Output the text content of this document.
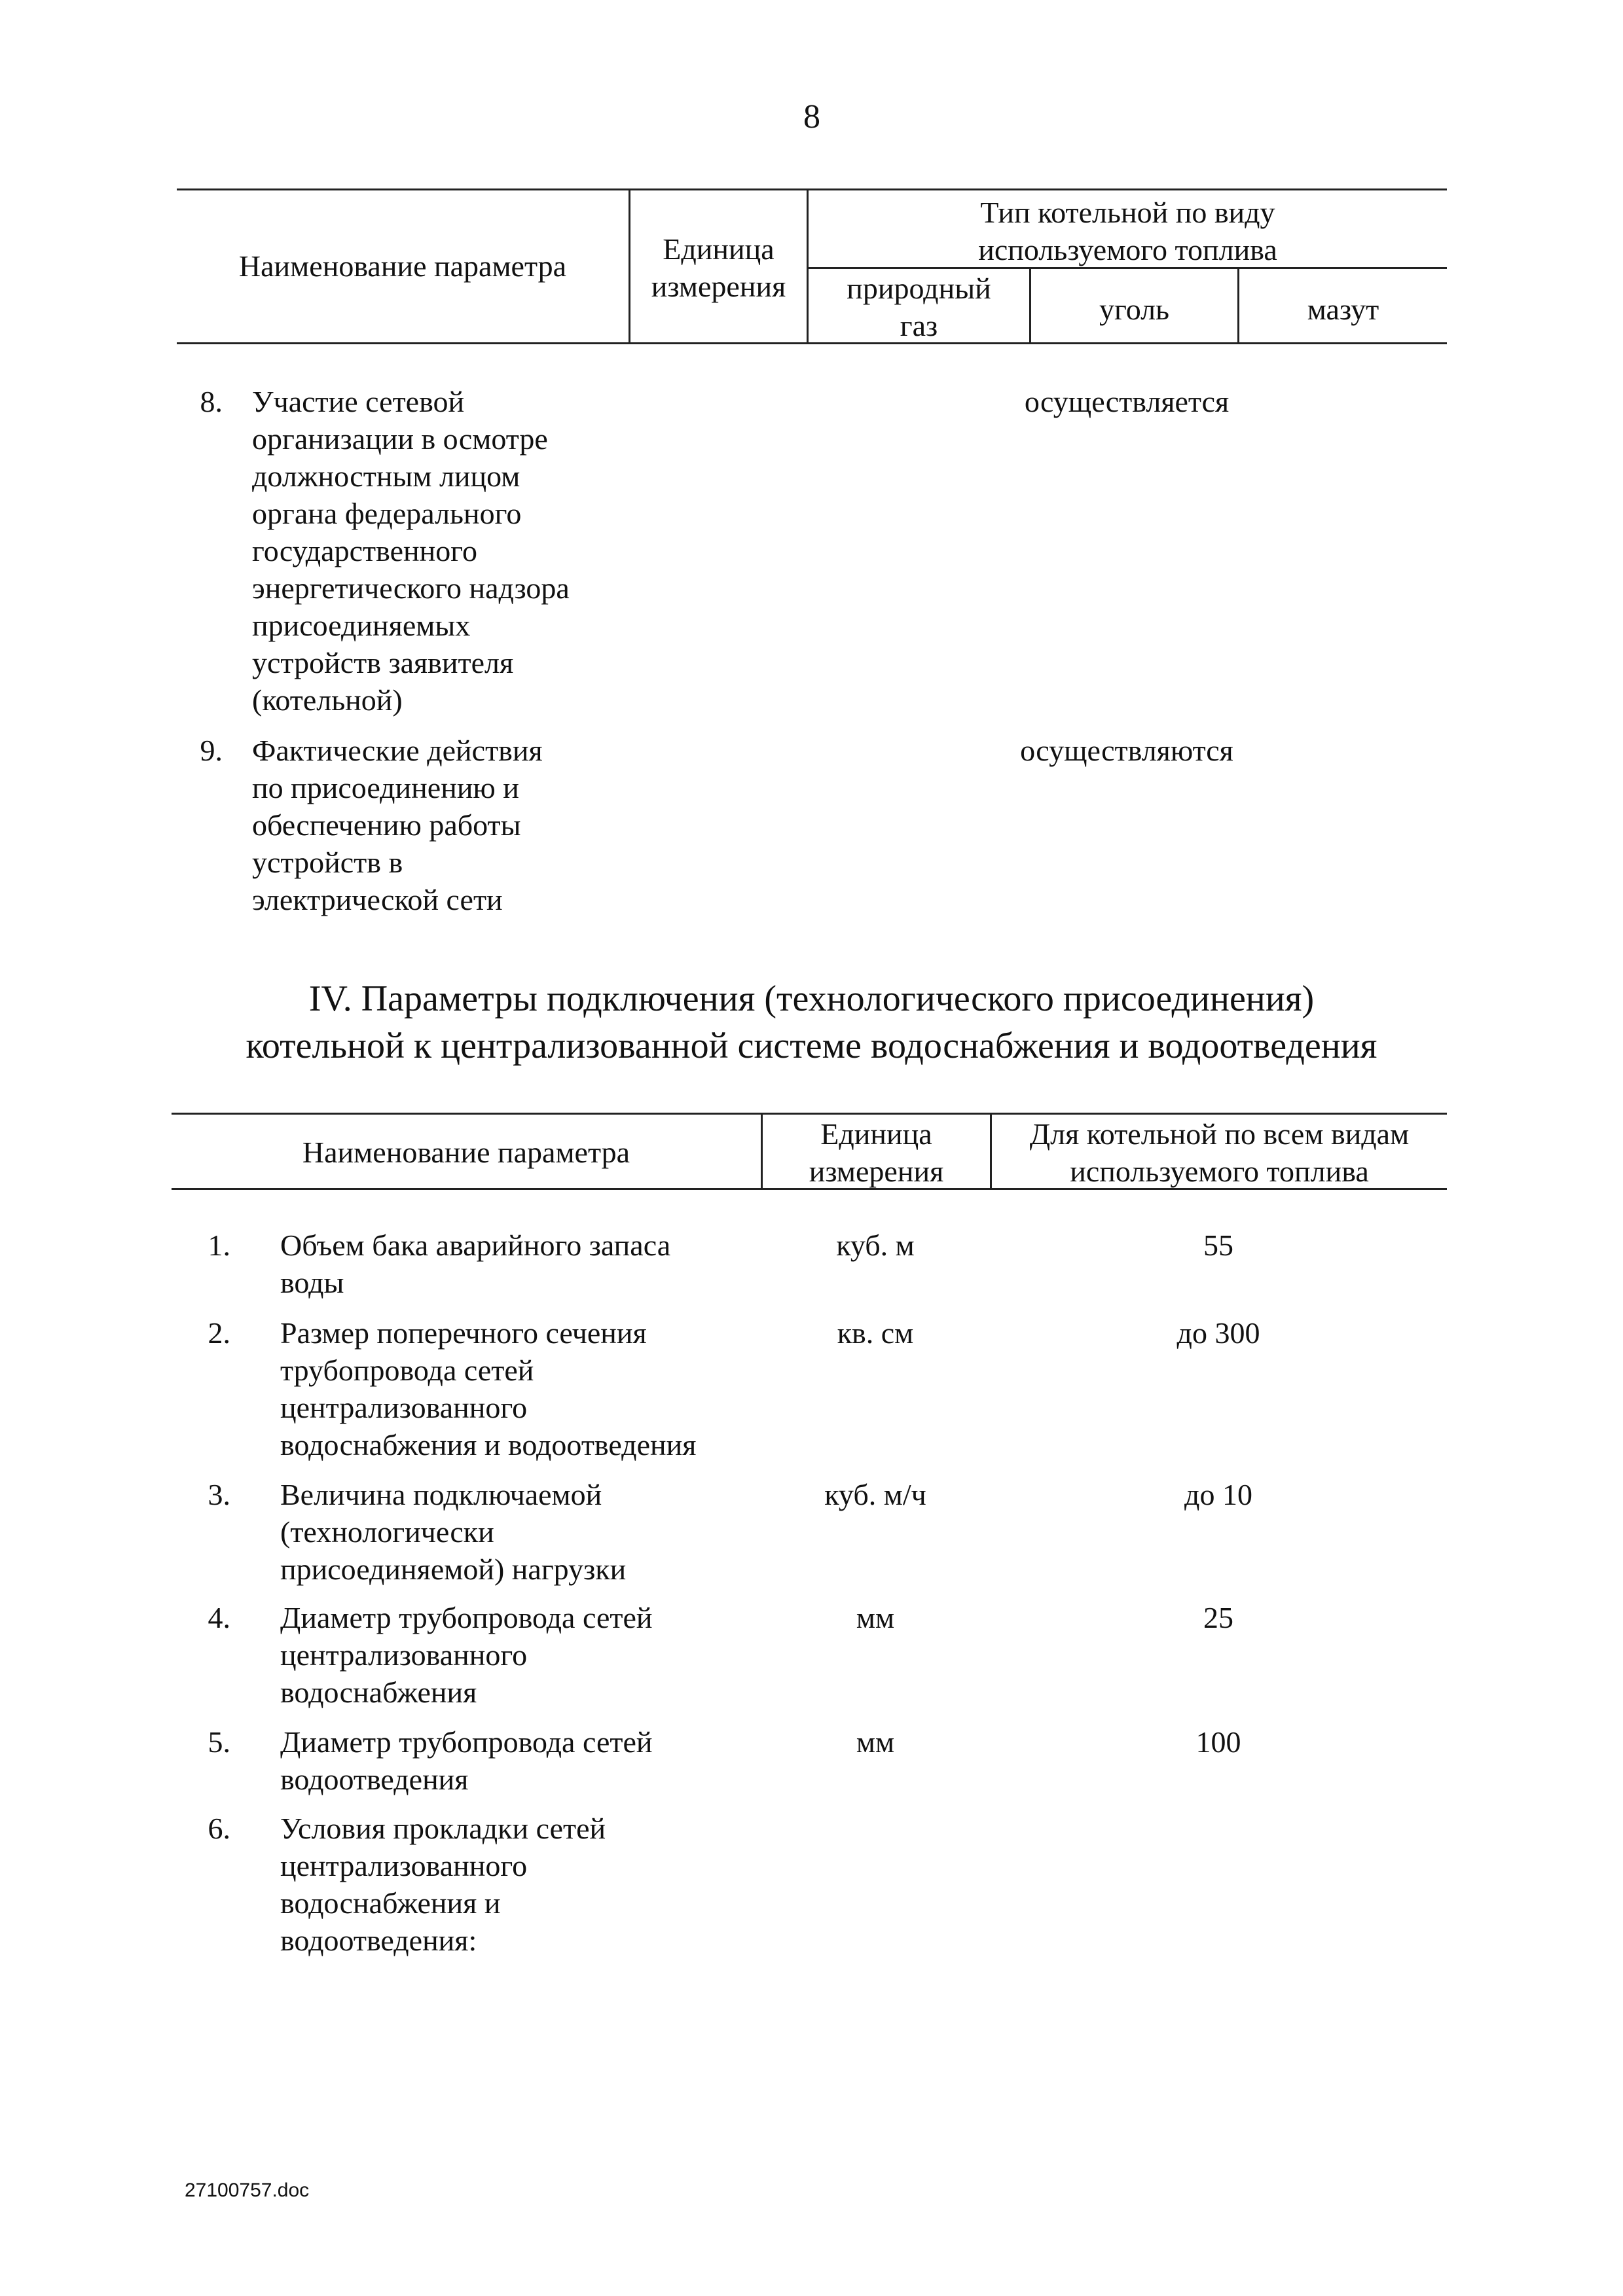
8
Наименование параметра
Единица
измерения
Тип котельной по виду
используемого топлива
природный
газ	уголь	мазут
8. Участие сетевой
организации в осмотре
должностным лицом
органа федерального
государственного
энергетического надзора
присоединяемых
устройств заявителя
(котельной)
осуществляется
9. Фактические действия
по присоединению и
обеспечению работы
устройств в
электрической сети
осуществляются
IV. Параметры подключения (технологического присоединения)
котельной к централизованной системе водоснабжения и водоотведения
Наименование параметра
Единица
измерения
Для котельной по всем видам
используемого топлива
1. Объем бака аварийного запаса
воды
куб. м	55
2. Размер поперечного сечения
трубопровода сетей
централизованного
водоснабжения и водоотведения
кв. см	до 300
3. Величина подключаемой
(технологически
присоединяемой) нагрузки
куб. м/ч	до 10
4. Диаметр трубопровода сетей
централизованного
водоснабжения
мм	25
5. Диаметр трубопровода сетей
водоотведения
мм	100
6. Условия прокладки сетей
централизованного
водоснабжения и
водоотведения:
27100757.doc
